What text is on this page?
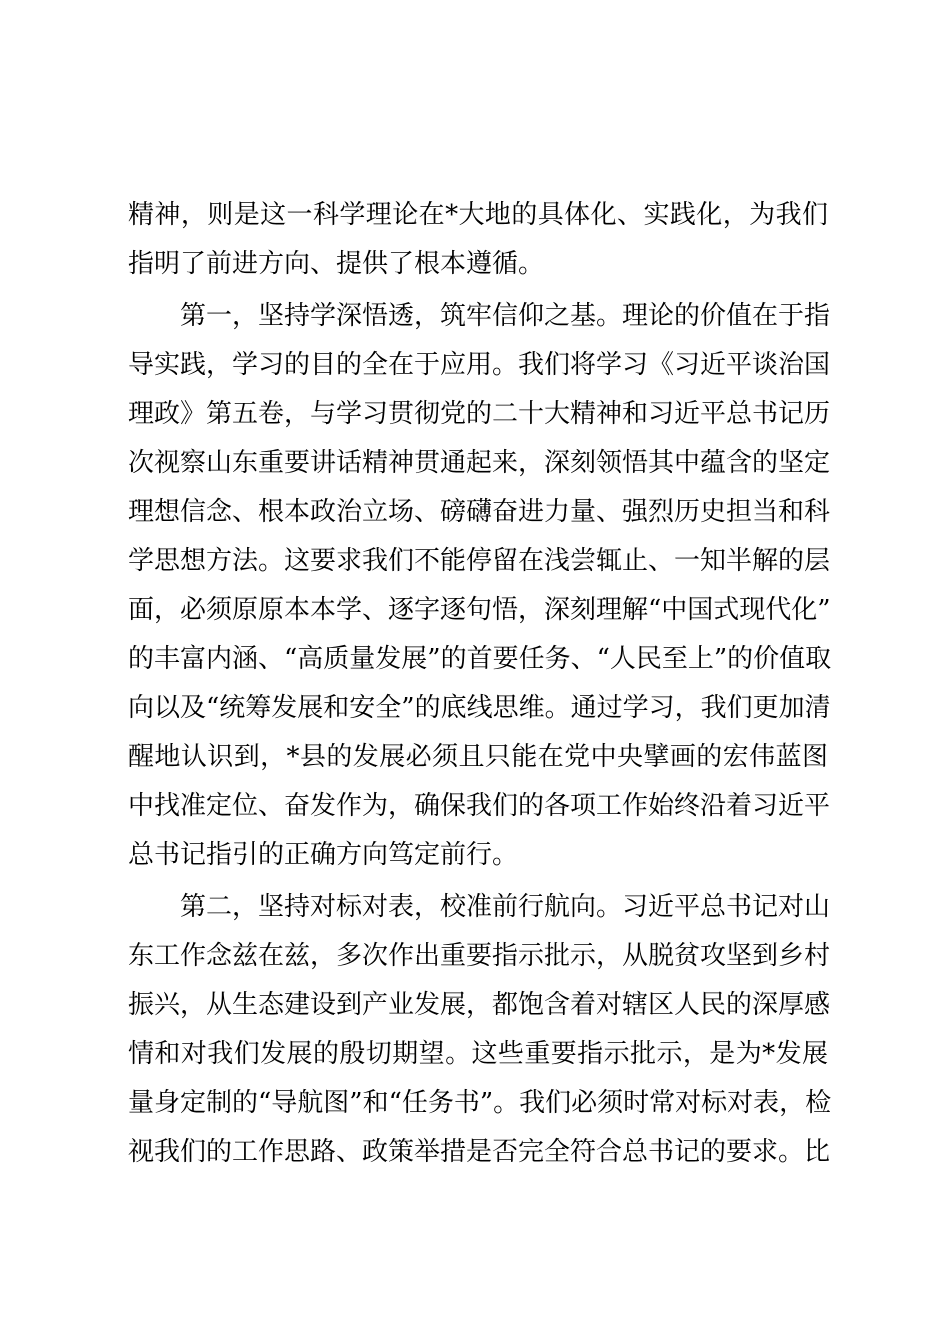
精神，则是这一科学理论在*大地的具体化、实践化，为我们
指明了前进方向、提供了根本遵循。
第一，坚持学深悟透，筑牢信仰之基。理论的价值在于指
导实践，学习的目的全在于应用。我们将学习《习近平谈治国
理政》第五卷，与学习贯彻党的二十大精神和习近平总书记历
次视察山东重要讲话精神贯通起来，深刻领悟其中蕴含的坚定
理想信念、根本政治立场、磅礴奋进力量、强烈历史担当和科
学思想方法。这要求我们不能停留在浅尝辄止、一知半解的层
面，必须原原本本学、逐字逐句悟，深刻理解“中国式现代化”
的丰富内涵、“高质量发展”的首要任务、“人民至上”的价值取
向以及“统筹发展和安全”的底线思维。通过学习，我们更加清
醒地认识到，*县的发展必须且只能在党中央擘画的宏伟蓝图
中找准定位、奋发作为，确保我们的各项工作始终沿着习近平
总书记指引的正确方向笃定前行。
第二，坚持对标对表，校准前行航向。习近平总书记对山
东工作念兹在兹，多次作出重要指示批示，从脱贫攻坚到乡村
振兴，从生态建设到产业发展，都饱含着对辖区人民的深厚感
情和对我们发展的殷切期望。这些重要指示批示，是为*发展
量身定制的“导航图”和“任务书”。我们必须时常对标对表，检
视我们的工作思路、政策举措是否完全符合总书记的要求。比
